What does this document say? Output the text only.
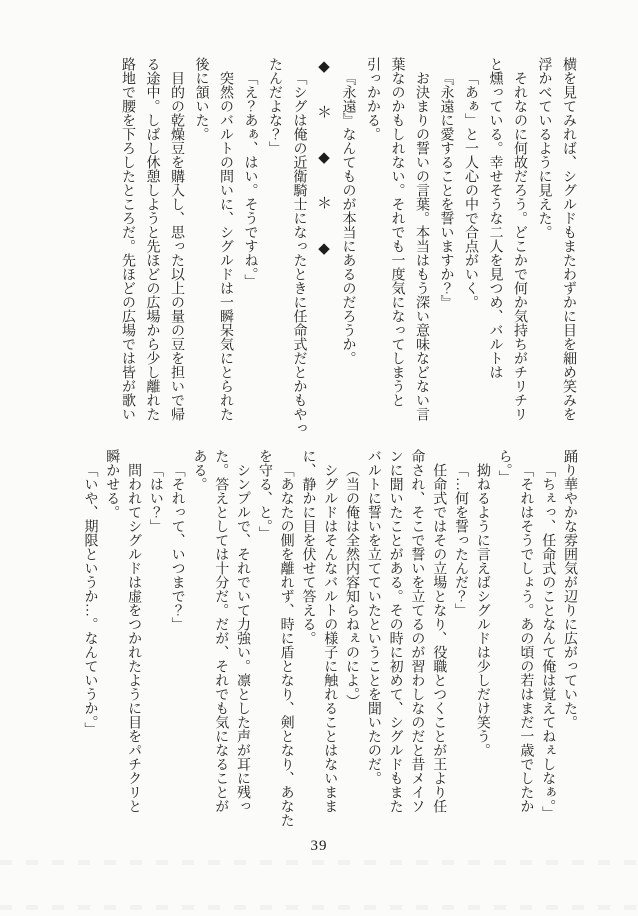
横を見てみれば、シグルドもまたわずかに目を細め笑みを

浮かべているように見えた。

それなのに何故だろう。どこかで何か気持ちがチリチリ

と燻っている。幸せそうな二人を見つめ、バルトは

「あぁ」と一人心の中で合点がいく。

『永遠に愛することを誓いますか？』

お決まりの誓いの言葉。本当はもう深い意味などない言

葉なのかもしれない。それでも一度気になってしまうと

引っかかる。

『永遠』なんてものが本当にあるのだろうか。

◆＊◆＊◆

「シグは俺の近衛騎士になったときに任命式だとかもやっ

たんだよな？」

「え？あぁ、はい。そうですね。」

突然のバルトの問いに、シグルドは一瞬呆気にとられた

後に頷いた。

目的の乾燥豆を購入し、思った以上の量の豆を担いで帰

る途中。しばし休憩しようと先ほどの広場から少し離れた

路地で腰を下ろしたところだ。先ほどの広場では皆が歌い

踊り華やかな雰囲気が辺りに広がっていた。

「ちぇっ、任命式のことなんて俺は覚えてねぇしなぁ。」

「それはそうでしょう。あの頃の若はまだ一歳でしたか

ら。」

拗ねるように言えばシグルドは少しだけ笑う。

「…何を誓ったんだ？」

任命式ではその立場となり、役職とつくことが王より任

命され、そこで誓いを立てるのが習わしなのだと昔メイソ

ンに聞いたことがある。その時に初めて、シグルドもまた

バルトに誓いを立てていたということを聞いたのだ。

（当の俺は全然内容知らねぇのによ。）

シグルドはそんなバルトの様子に触れることはないまま

に、静かに目を伏せて答える。

「あなたの側を離れず、時に盾となり、剣となり、あなた

を守る、と。」

シンプルで、それでいて力強い。凛とした声が耳に残っ

た。答えとしては十分だ。だが、それでも気になることが

ある。

「それって、いつまで？」

「はい？」

問われてシグルドは虚をつかれたように目をパチクリと

瞬かせる。

「いや、期限というか…。なんていうか。」

39
